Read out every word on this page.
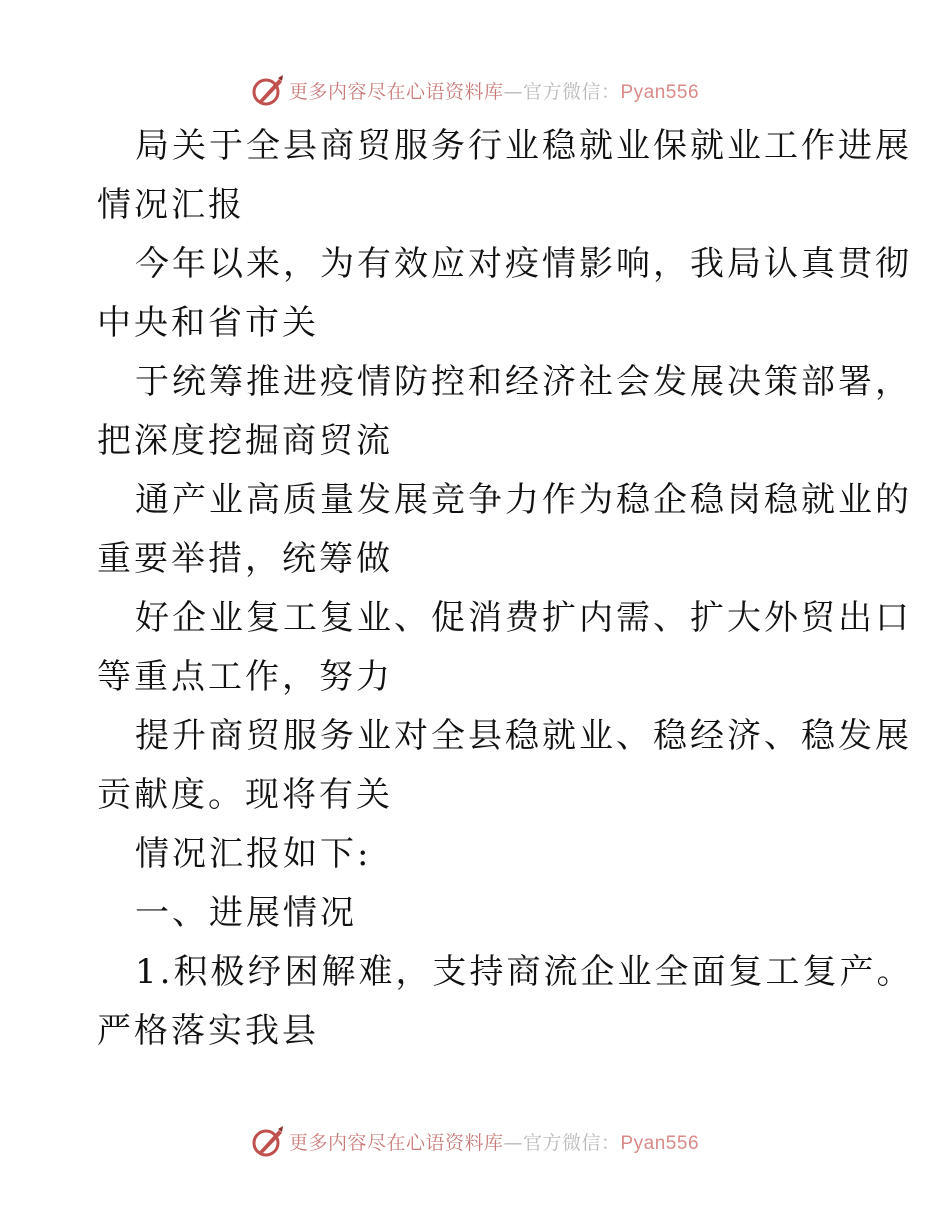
更多内容尽在心语资料库—官方微信：Pyan556
局关于全县商贸服务行业稳就业保就业工作进展
情况汇报
今年以来，为有效应对疫情影响，我局认真贯彻
中央和省市关
于统筹推进疫情防控和经济社会发展决策部署，
把深度挖掘商贸流
通产业高质量发展竞争力作为稳企稳岗稳就业的
重要举措，统筹做
好企业复工复业、促消费扩内需、扩大外贸出口
等重点工作，努力
提升商贸服务业对全县稳就业、稳经济、稳发展
贡献度。现将有关
情况汇报如下:
一、进展情况
1.积极纾困解难，支持商流企业全面复工复产。
严格落实我县
更多内容尽在心语资料库—官方微信：Pyan556
